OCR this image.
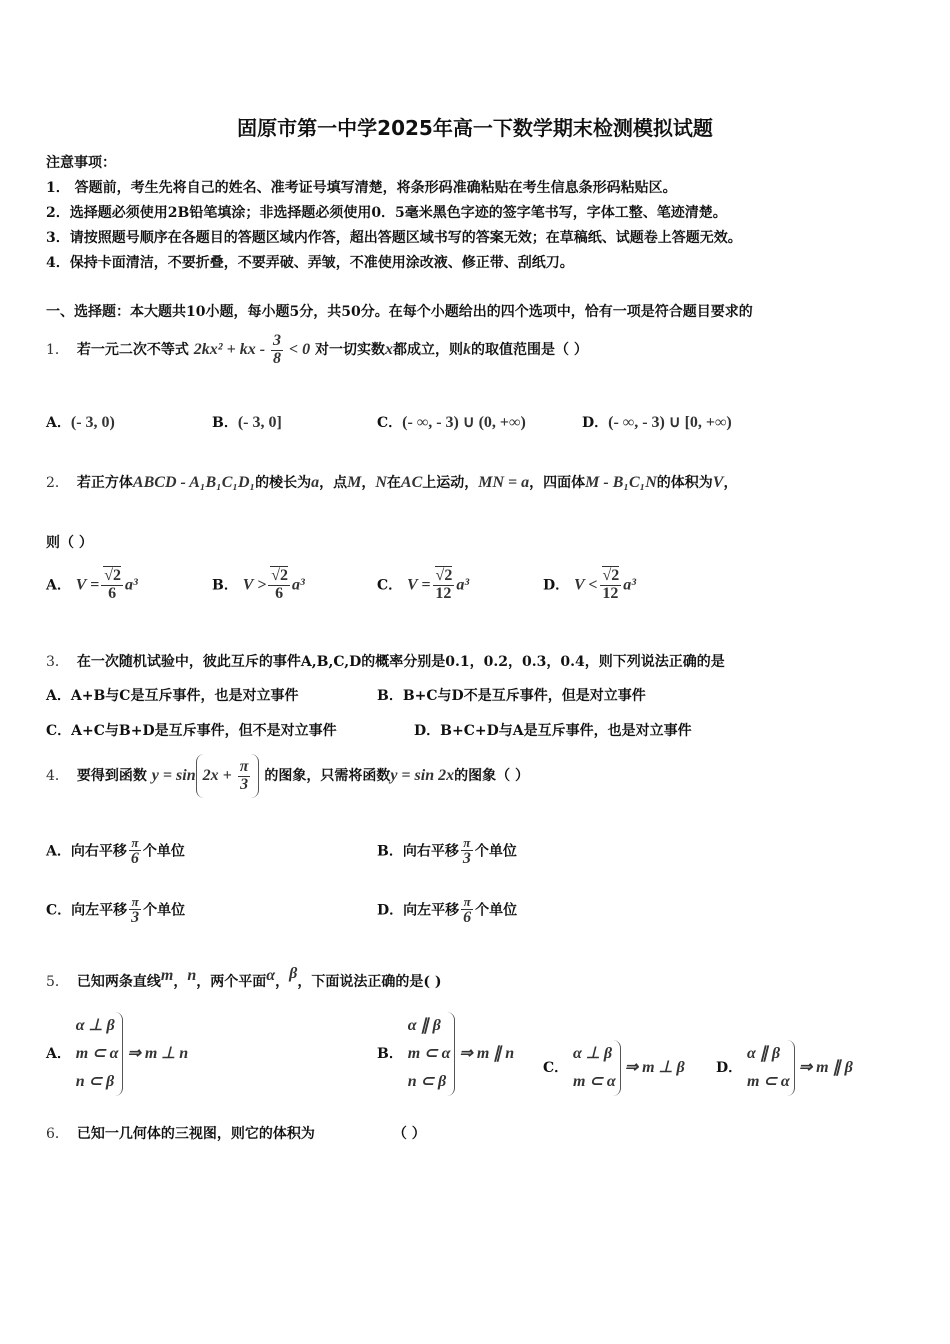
固原市第一中学2025年高一下数学期末检测模拟试题
注意事项：
1． 答题前，考生先将自己的姓名、准考证号填写清楚，将条形码准确粘贴在考生信息条形码粘贴区。
2．选择题必须使用2B铅笔填涂；非选择题必须使用0．5毫米黑色字迹的签字笔书写，字体工整、笔迹清楚。
3．请按照题号顺序在各题目的答题区域内作答，超出答题区域书写的答案无效；在草稿纸、试题卷上答题无效。
4．保持卡面清洁，不要折叠，不要弄破、弄皱，不准使用涂改液、修正带、刮纸刀。
一、选择题：本大题共10小题，每小题5分，共50分。在每个小题给出的四个选项中，恰有一项是符合题目要求的
1． 若一元二次不等式 2kx² + kx - $\frac{3}{8} < 0$ 对一切实数x都成立，则k的取值范围是（ ）
A．(- 3, 0)	B．(- 3, 0]	C．(- ∞, - 3) ∪ (0, +∞)	D．(- ∞, - 3) ∪ [0, +∞)
2． 若正方体ABCD - A₁B₁C₁D₁的棱长为a，点M，N在AC上运动，MN = a，四面体M - B₁C₁N的体积为V，
则（ ）
A． $V = \frac{√2}{6} a^3$	B． $V > \frac{√2}{6} a^3$	C． $V = \frac{√2}{12} a^3$	D． $V < \frac{√2}{12} a^3$
3． 在一次随机试验中，彼此互斥的事件A,B,C,D的概率分别是0.1，0.2，0.3，0.4，则下列说法正确的是
A．A+B与C是互斥事件，也是对立事件	B．B+C与D不是互斥事件，但是对立事件
C．A+C与B+D是互斥事件，但不是对立事件	D．B+C+D与A是互斥事件，也是对立事件
4． 要得到函数 $y = \sin 2x + \frac{\pi}{3}$ 的图象，只需将函数y = sin 2x的图象（ ）
A．向右平移 $\frac{\pi}{6}$ 个单位	B．向右平移 $\frac{\pi}{3}$ 个单位
C．向左平移 $\frac{\pi}{3}$ 个单位	D．向左平移 $\frac{\pi}{6}$ 个单位
5． 已知两条直线m，n，两个平面α，β，下面说法正确的是( )
A．
α ⊥ β
m ⊂ α
n ⊂ β
⇒ m ⊥ n	B．
α ∥ β
m ⊂ α
n ⊂ β
⇒ m ∥ n
C．
α ⊥ β
m ⊂ α
⇒ m ⊥ β D．
α ∥ β
m ⊂ α
⇒ m ∥ β
6． 已知一几何体的三视图，则它的体积为	（ ）
